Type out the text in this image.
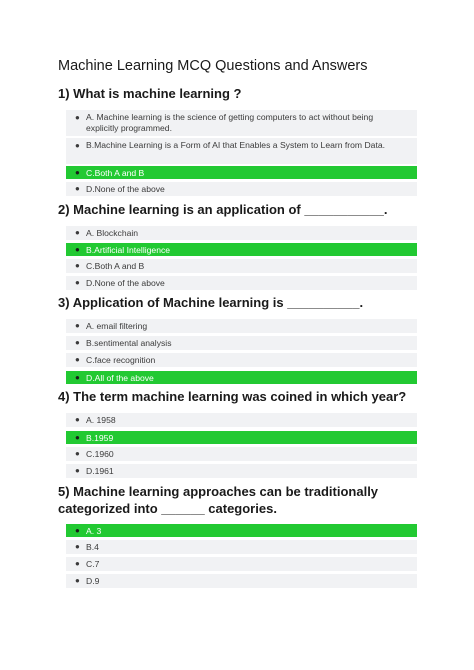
Machine Learning MCQ Questions and Answers
1) What is machine learning ?
● A. Machine learning is the science of getting computers to act without being explicitly programmed.
● B.Machine Learning is a Form of AI that Enables a System to Learn from Data.
● C.Both A and B
● D.None of the above
2) Machine learning is an application of ___________.
● A. Blockchain
● B.Artificial Intelligence
● C.Both A and B
● D.None of the above
3) Application of Machine learning is __________.
● A. email filtering
● B.sentimental analysis
● C.face recognition
● D.All of the above
4) The term machine learning was coined in which year?
● A. 1958
● B.1959
● C.1960
● D.1961
5) Machine learning approaches can be traditionally categorized into ______ categories.
● A. 3
● B.4
● C.7
● D.9
